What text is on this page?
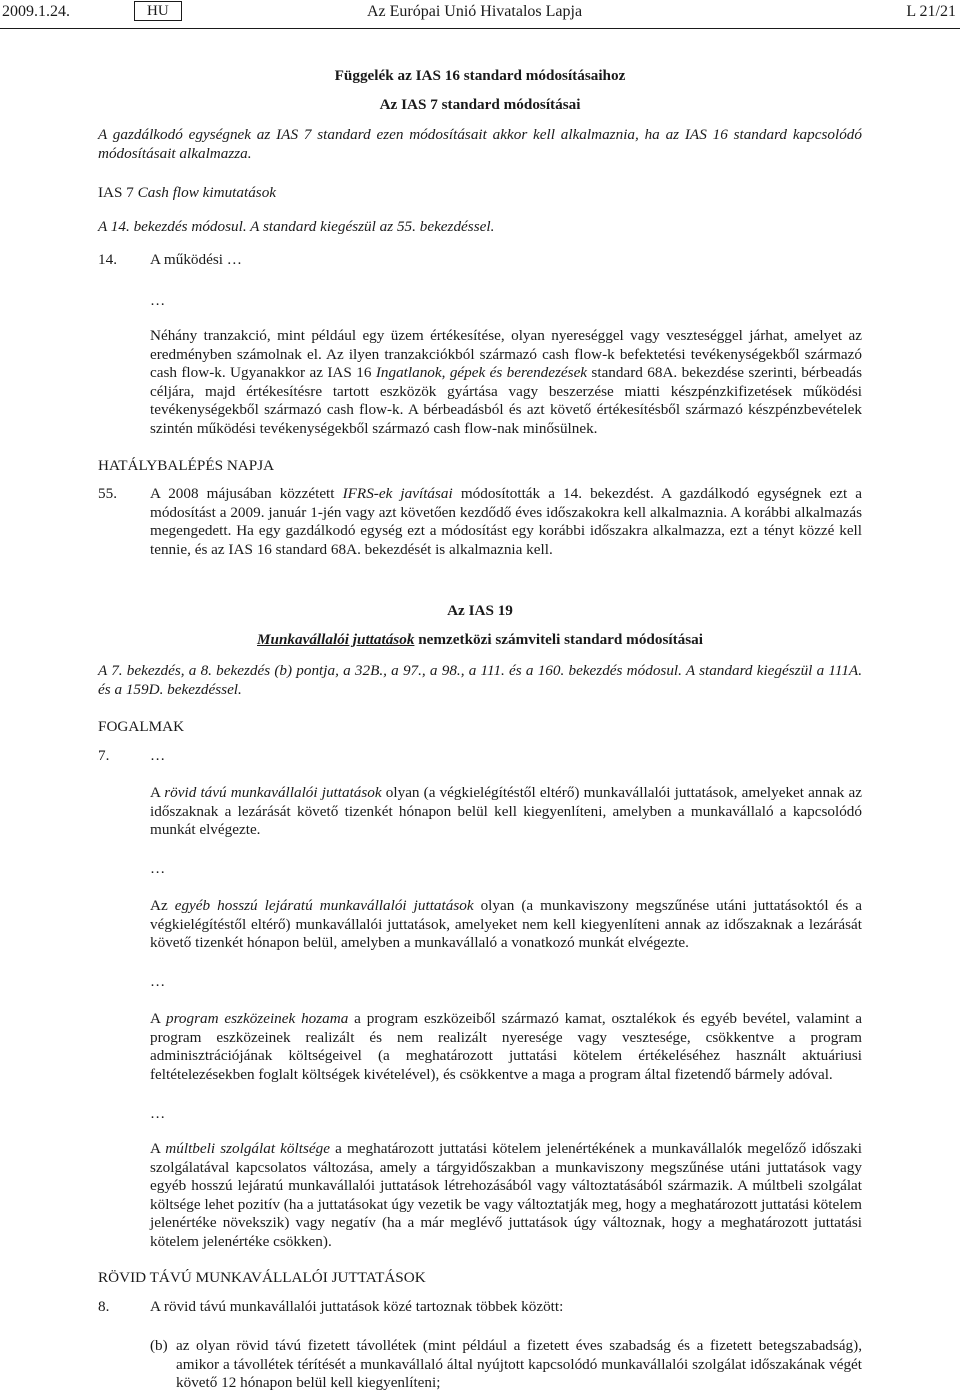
2009.1.24.	HU	Az Európai Unió Hivatalos Lapja	L 21/21
Függelék az IAS 16 standard módosításaihoz
Az IAS 7 standard módosításai
A gazdálkodó egységnek az IAS 7 standard ezen módosításait akkor kell alkalmaznia, ha az IAS 16 standard kapcsolódó módosításait alkalmazza.
IAS 7 Cash flow kimutatások
A 14. bekezdés módosul. A standard kiegészül az 55. bekezdéssel.
14. A működési …
…
Néhány tranzakció, mint például egy üzem értékesítése, olyan nyereséggel vagy veszteséggel járhat, amelyet az eredményben számolnak el. Az ilyen tranzakciókból származó cash flow-k befektetési tevékenységekből származó cash flow-k. Ugyanakkor az IAS 16 Ingatlanok, gépek és berendezések standard 68A. bekezdése szerinti, bérbeadás céljára, majd értékesítésre tartott eszközök gyártása vagy beszerzése miatti készpénzkifizetések működési tevékenységekből származó cash flow-k. A bérbeadásból és azt követő értékesítésből származó készpénzbevételek szintén működési tevékenységekből származó cash flow-nak minősülnek.
HATÁLYBALÉPÉS NAPJA
55. A 2008 májusában közzétett IFRS-ek javításai módosították a 14. bekezdést. A gazdálkodó egységnek ezt a módosítást a 2009. január 1-jén vagy azt követően kezdődő éves időszakokra kell alkalmaznia. A korábbi alkalmazás megengedett. Ha egy gazdálkodó egység ezt a módosítást egy korábbi időszakra alkalmazza, ezt a tényt közzé kell tennie, és az IAS 16 standard 68A. bekezdését is alkalmaznia kell.
Az IAS 19
Munkavállalói juttatások nemzetközi számviteli standard módosításai
A 7. bekezdés, a 8. bekezdés (b) pontja, a 32B., a 97., a 98., a 111. és a 160. bekezdés módosul. A standard kiegészül a 111A. és a 159D. bekezdéssel.
FOGALMAK
7.	…
A rövid távú munkavállalói juttatások olyan (a végkielégítéstől eltérő) munkavállalói juttatások, amelyeket annak az időszaknak a lezárását követő tizenkét hónapon belül kell kiegyenlíteni, amelyben a munkavállaló a kapcsolódó munkát elvégezte.
…
Az egyéb hosszú lejáratú munkavállalói juttatások olyan (a munkaviszony megszűnése utáni juttatásoktól és a végkielégítéstől eltérő) munkavállalói juttatások, amelyeket nem kell kiegyenlíteni annak az időszaknak a lezárását követő tizenkét hónapon belül, amelyben a munkavállaló a vonatkozó munkát elvégezte.
…
A program eszközeinek hozama a program eszközeiből származó kamat, osztalékok és egyéb bevétel, valamint a program eszközeinek realizált és nem realizált nyeresége vagy vesztesége, csökkentve a program adminisztrációjának költségeivel (a meghatározott juttatási kötelem értékeléséhez használt aktuáriusi feltételezésekben foglalt költségek kivételével), és csökkentve a maga a program által fizetendő bármely adóval.
…
A múltbeli szolgálat költsége a meghatározott juttatási kötelem jelenértékének a munkavállalók megelőző időszaki szolgálatával kapcsolatos változása, amely a tárgyidőszakban a munkaviszony megszűnése utáni juttatások vagy egyéb hosszú lejáratú munkavállalói juttatások létrehozásából vagy változtatásából származik. A múltbeli szolgálat költsége lehet pozitív (ha a juttatásokat úgy vezetik be vagy változtatják meg, hogy a meghatározott juttatási kötelem jelenértéke növekszik) vagy negatív (ha a már meglévő juttatások úgy változnak, hogy a meghatározott juttatási kötelem jelenértéke csökken).
RÖVID TÁVÚ MUNKAVÁLLALÓI JUTTATÁSOK
8.	A rövid távú munkavállalói juttatások közé tartoznak többek között:
(b) az olyan rövid távú fizetett távollétek (mint például a fizetett éves szabadság és a fizetett betegszabadság), amikor a távollétek térítését a munkavállaló által nyújtott kapcsolódó munkavállalói szolgálat időszakának végét követő 12 hónapon belül kell kiegyenlíteni;
